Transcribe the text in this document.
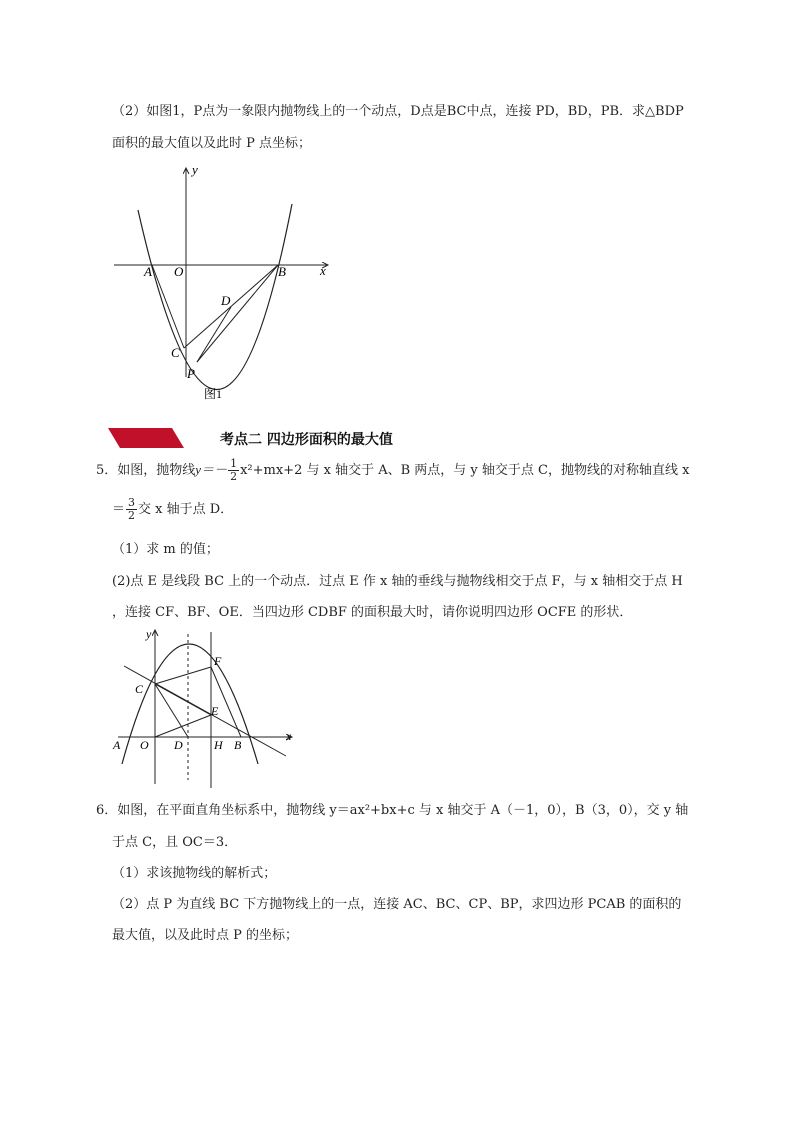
（2）如图1，P点为一象限内抛物线上的一个动点，D点是BC中点，连接 PD，BD，PB．求△BDP
面积的最大值以及此时 P 点坐标；
y
x
A O	B
D
C
P
图1
考点二 四边形面积的最大值
5．如图，抛物线$y=- \frac{1}{2} x^2+mx+2$ 与 x 轴交于 A、B 两点，与 y 轴交于点 C，抛物线的对称轴直线 x
＝ $\frac{3}{2}$ 交 x 轴于点 D．
（1）求 m 的值；
(2)点 E 是线段 BC 上的一个动点．过点 E 作 x 轴的垂线与抛物线相交于点 F，与 x 轴相交于点 H
，连接 CF、BF、OE．当四边形 CDBF 的面积最大时，请你说明四边形 OCFE 的形状．
y
x
A O D	H B
C
E
F
6．如图，在平面直角坐标系中，抛物线 y＝ax²+bx+c 与 x 轴交于 A（－1，0），B（3，0），交 y 轴
于点 C，且 OC＝3．
（1）求该抛物线的解析式；
（2）点 P 为直线 BC 下方抛物线上的一点，连接 AC、BC、CP、BP，求四边形 PCAB 的面积的
最大值，以及此时点 P 的坐标；
